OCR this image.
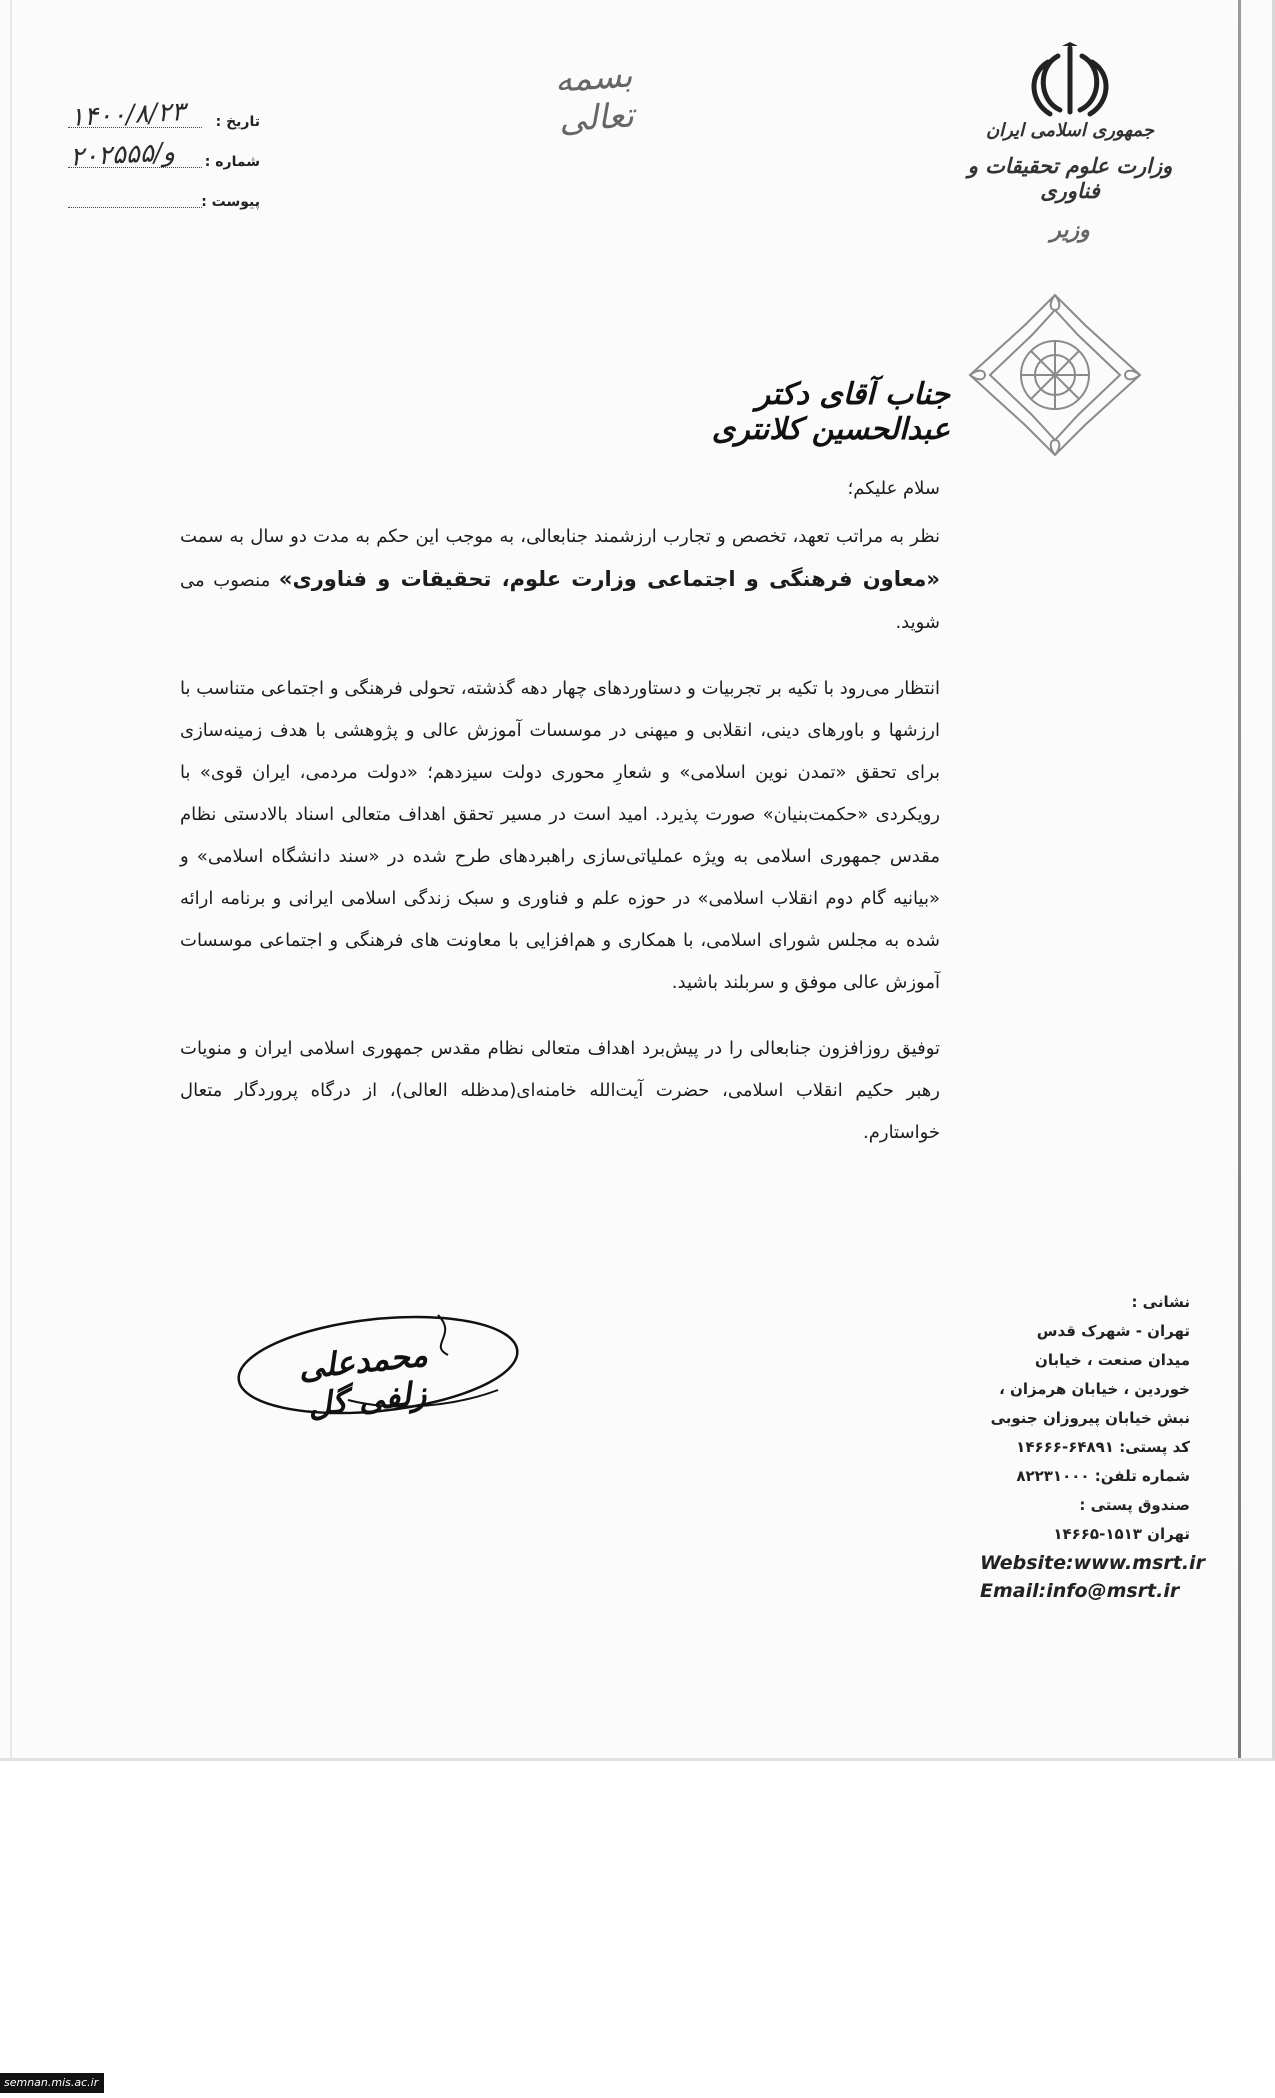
بسمه تعالی
۱۴۰۰/۸/۲۳ تاریخ :
۲۰۲۵۵۵/و شماره :
پیوست :
جمهوری اسلامی ایران
وزارت علوم تحقیقات و فناوری
وزیر
جناب آقای دکتر عبدالحسین کلانتری

سلام علیکم؛

نظر به مراتب تعهد، تخصص و تجارب ارزشمند جنابعالی، به موجب این حکم به مدت دو سال به سمت «معاون فرهنگی و اجتماعی وزارت علوم، تحقیقات و فناوری» منصوب می شوید.

انتظار می‌رود با تکیه بر تجربیات و دستاوردهای چهار دهه گذشته، تحولی فرهنگی و اجتماعی متناسب با ارزشها و باورهای دینی، انقلابی و میهنی در موسسات آموزش عالی و پژوهشی با هدف زمینه‌سازی برای تحقق «تمدن نوین اسلامی» و شعارِ محوری دولت سیزدهم؛ «دولت مردمی، ایران قوی» با رویکردی «حکمت‌بنیان» صورت پذیرد. امید است در مسیر تحقق اهداف متعالی اسناد بالادستی نظام مقدس جمهوری اسلامی به ویژه عملیاتی‌سازی راهبردهای طرح شده در «سند دانشگاه اسلامی» و «بیانیه گام دوم انقلاب اسلامی» در حوزه علم و فناوری و سبک زندگی اسلامی ایرانی و برنامه ارائه شده به مجلس شورای اسلامی، با همکاری و هم‌افزایی با معاونت های فرهنگی و اجتماعی موسسات آموزش عالی موفق و سربلند باشید.

توفیق روزافزون جنابعالی را در پیش‌برد اهداف متعالی نظام مقدس جمهوری اسلامی ایران و منویات رهبر حکیم انقلاب اسلامی، حضرت آیت‌الله خامنه‌ای(مدظله العالی)، از درگاه پروردگار متعال خواستارم.

محمدعلی زلفی گل
نشانی :
تهران - شهرک قدس
میدان صنعت ، خیابان
خوردین ، خیابان هرمزان ،
نبش خیابان پیروزان جنوبی
کد پستی: ۶۴۸۹۱-۱۴۶۶۶
شماره تلفن: ۸۲۲۳۱۰۰۰
صندوق پستی :
تهران ۱۵۱۳-۱۴۶۶۵
Website:www.msrt.ir
Email:info@msrt.ir
semnan.mis.ac.ir
